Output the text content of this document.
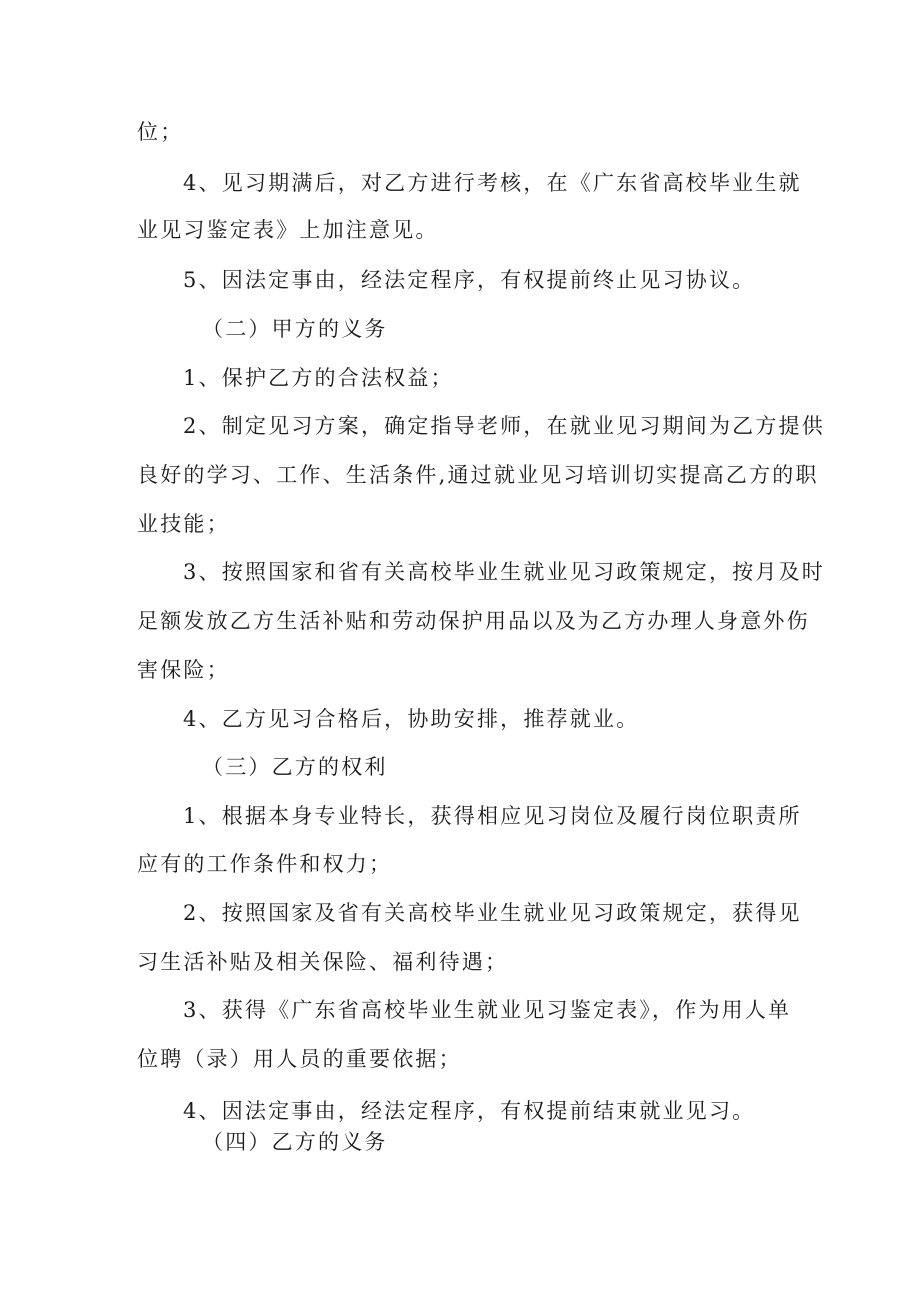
位；
4、见习期满后，对乙方进行考核，在《广东省高校毕业生就
业见习鉴定表》上加注意见。
5、因法定事由，经法定程序，有权提前终止见习协议。
（二）甲方的义务
1、保护乙方的合法权益；
2、制定见习方案，确定指导老师，在就业见习期间为乙方提供
良好的学习、工作、生活条件,通过就业见习培训切实提高乙方的职
业技能；
3、按照国家和省有关高校毕业生就业见习政策规定，按月及时
足额发放乙方生活补贴和劳动保护用品以及为乙方办理人身意外伤
害保险；
4、乙方见习合格后，协助安排，推荐就业。
（三）乙方的权利
1、根据本身专业特长，获得相应见习岗位及履行岗位职责所
应有的工作条件和权力；
2、按照国家及省有关高校毕业生就业见习政策规定，获得见
习生活补贴及相关保险、福利待遇；
3、获得《广东省高校毕业生就业见习鉴定表》，作为用人单
位聘（录）用人员的重要依据；
4、因法定事由，经法定程序，有权提前结束就业见习。
（四）乙方的义务
